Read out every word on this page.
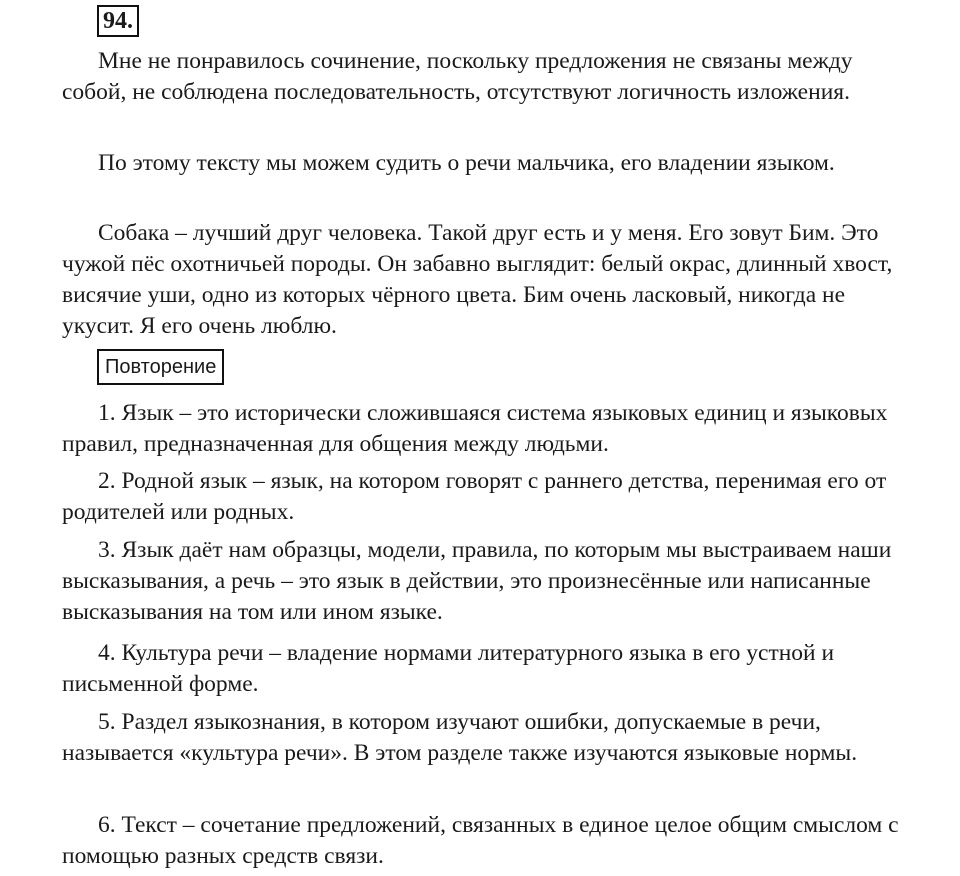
94.

Мне не понравилось сочинение, поскольку предложения не связаны между собой, не соблюдена последовательность, отсутствуют логичность изложения.

По этому тексту мы можем судить о речи мальчика, его владении языком.

Собака – лучший друг человека. Такой друг есть и у меня. Его зовут Бим. Это чужой пёс охотничьей породы. Он забавно выглядит: белый окрас, длинный хвост, висячие уши, одно из которых чёрного цвета. Бим очень ласковый, никогда не укусит. Я его очень люблю.

Повторение

1. Язык – это исторически сложившаяся система языковых единиц и языковых правил, предназначенная для общения между людьми.

2. Родной язык – язык, на котором говорят с раннего детства, перенимая его от родителей или родных.

3. Язык даёт нам образцы, модели, правила, по которым мы выстраиваем наши высказывания, а речь – это язык в действии, это произнесённые или написанные высказывания на том или ином языке.

4. Культура речи – владение нормами литературного языка в его устной и письменной форме.

5. Раздел языкознания, в котором изучают ошибки, допускаемые в речи, называется «культура речи». В этом разделе также изучаются языковые нормы.

6. Текст – сочетание предложений, связанных в единое целое общим смыслом с помощью разных средств связи.
